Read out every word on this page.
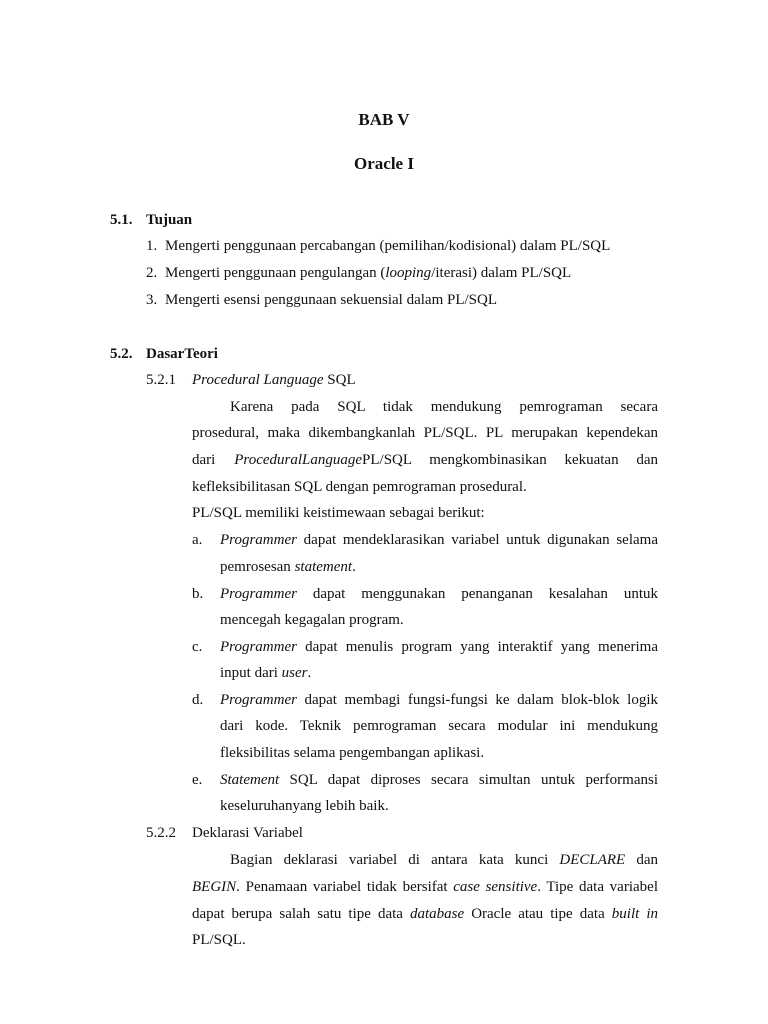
BAB V
Oracle I
5.1. Tujuan
1. Mengerti penggunaan percabangan (pemilihan/kodisional) dalam PL/SQL
2. Mengerti penggunaan pengulangan (looping/iterasi) dalam PL/SQL
3. Mengerti esensi penggunaan sekuensial dalam PL/SQL
5.2. DasarTeori
5.2.1 Procedural Language SQL
Karena pada SQL tidak mendukung pemrograman secara
prosedural, maka dikembangkanlah PL/SQL. PL merupakan kependekan
dari ProceduralLanguagePL/SQL mengkombinasikan kekuatan dan
kefleksibilitasan SQL dengan pemrograman prosedural.
PL/SQL memiliki keistimewaan sebagai berikut:
a. Programmer dapat mendeklarasikan variabel untuk digunakan selama
pemrosesan statement.
b. Programmer dapat menggunakan penanganan kesalahan untuk
mencegah kegagalan program.
c. Programmer dapat menulis program yang interaktif yang menerima
input dari user.
d. Programmer dapat membagi fungsi-fungsi ke dalam blok-blok logik
dari kode. Teknik pemrograman secara modular ini mendukung
fleksibilitas selama pengembangan aplikasi.
e. Statement SQL dapat diproses secara simultan untuk performansi
keseluruhanyang lebih baik.
5.2.2 Deklarasi Variabel
Bagian deklarasi variabel di antara kata kunci DECLARE dan
BEGIN. Penamaan variabel tidak bersifat case sensitive. Tipe data variabel
dapat berupa salah satu tipe data database Oracle atau tipe data built in
PL/SQL.
